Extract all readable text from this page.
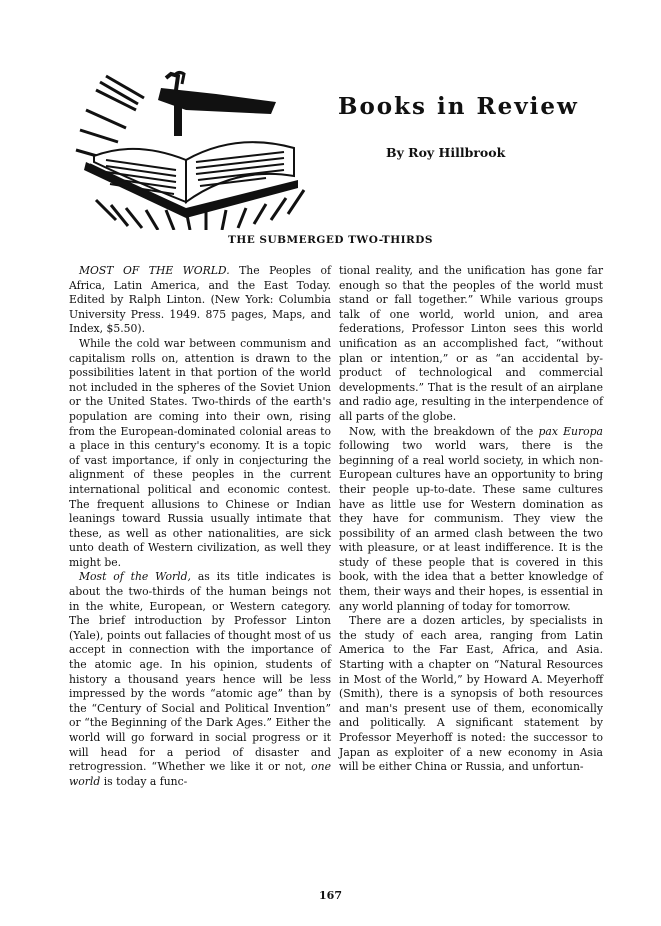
Books in Review

By Roy Hillbrook

THE SUBMERGED TWO-THIRDS

MOST OF THE WORLD. The Peoples of Africa, Latin America, and the East Today. Edited by Ralph Linton. (New York: Columbia University Press. 1949. 875 pages, Maps, and Index, $5.50).

While the cold war between communism and capitalism rolls on, attention is drawn to the possibilities latent in that portion of the world not included in the spheres of the Soviet Union or the United States. Two-thirds of the earth's population are coming into their own, rising from the European-dominated colonial areas to a place in this century's economy. It is a topic of vast importance, if only in conjecturing the alignment of these peoples in the current international political and economic contest. The frequent allusions to Chinese or Indian leanings toward Russia usually intimate that these, as well as other nationalities, are sick unto death of Western civilization, as well they might be.

Most of the World, as its title indicates is about the two-thirds of the human beings not in the white, European, or Western category. The brief introduction by Professor Linton (Yale), points out fallacies of thought most of us accept in connection with the importance of the atomic age. In his opinion, students of history a thousand years hence will be less impressed by the words “atomic age” than by the “Century of Social and Political Invention” or “the Beginning of the Dark Ages.” Either the world will go forward in social progress or it will head for a period of disaster and retrogression. “Whether we like it or not, one world is today a func-

tional reality, and the unification has gone far enough so that the peoples of the world must stand or fall together.” While various groups talk of one world, world union, and area federations, Professor Linton sees this world unification as an accomplished fact, “without plan or intention,” or as “an accidental by-product of technological and commercial developments.” That is the result of an airplane and radio age, resulting in the interpendence of all parts of the globe.

Now, with the breakdown of the pax Europa following two world wars, there is the beginning of a real world society, in which non-European cultures have an opportunity to bring their people up-to-date. These same cultures have as little use for Western domination as they have for communism. They view the possibility of an armed clash between the two with pleasure, or at least indifference. It is the study of these people that is covered in this book, with the idea that a better knowledge of them, their ways and their hopes, is essential in any world planning of today for tomorrow.

There are a dozen articles, by specialists in the study of each area, ranging from Latin America to the Far East, Africa, and Asia. Starting with a chapter on “Natural Resources in Most of the World,” by Howard A. Meyerhoff (Smith), there is a synopsis of both resources and man's present use of them, economically and politically. A significant statement by Professor Meyerhoff is noted: the successor to Japan as exploiter of a new economy in Asia will be either China or Russia, and unfortun-

167
